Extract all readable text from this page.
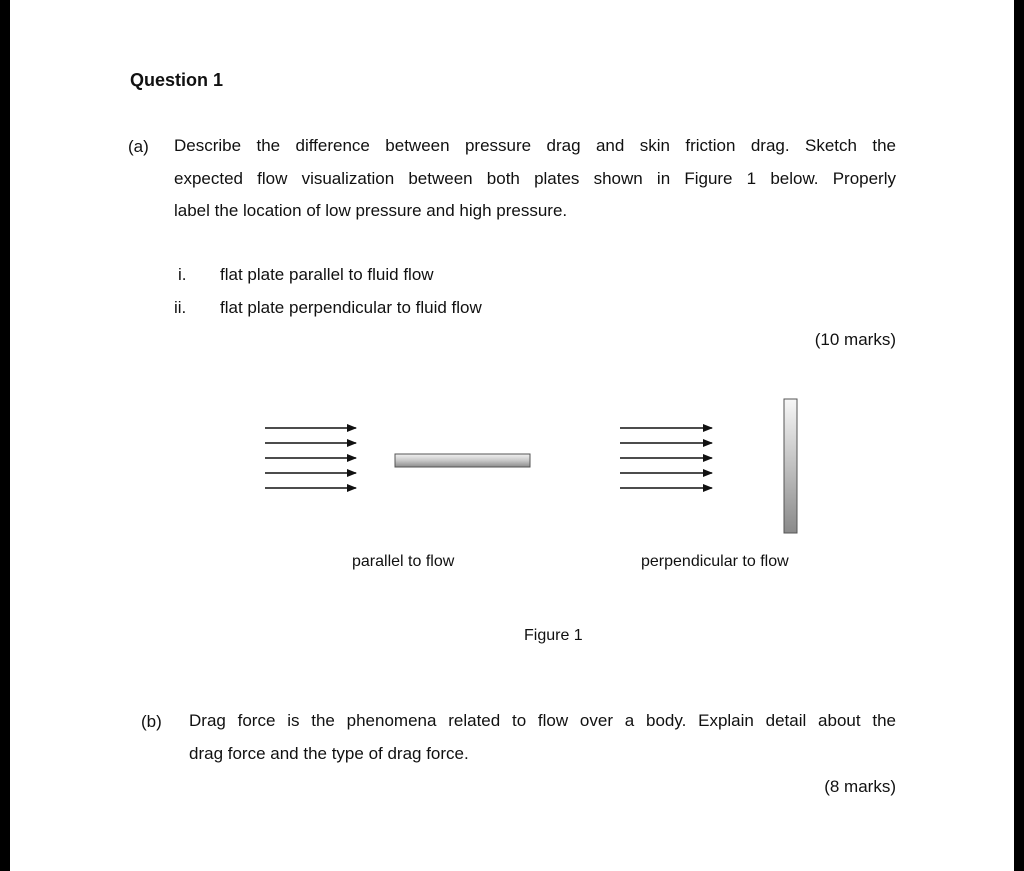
Question 1
(a) Describe the difference between pressure drag and skin friction drag. Sketch the
expected flow visualization between both plates shown in Figure 1 below. Properly
label the location of low pressure and high pressure.
i. flat plate parallel to fluid flow
ii. flat plate perpendicular to fluid flow
(10 marks)
parallel to flow	perpendicular to flow
Figure 1
(b) Drag force is the phenomena related to flow over a body. Explain detail about the
drag force and the type of drag force.
(8 marks)
